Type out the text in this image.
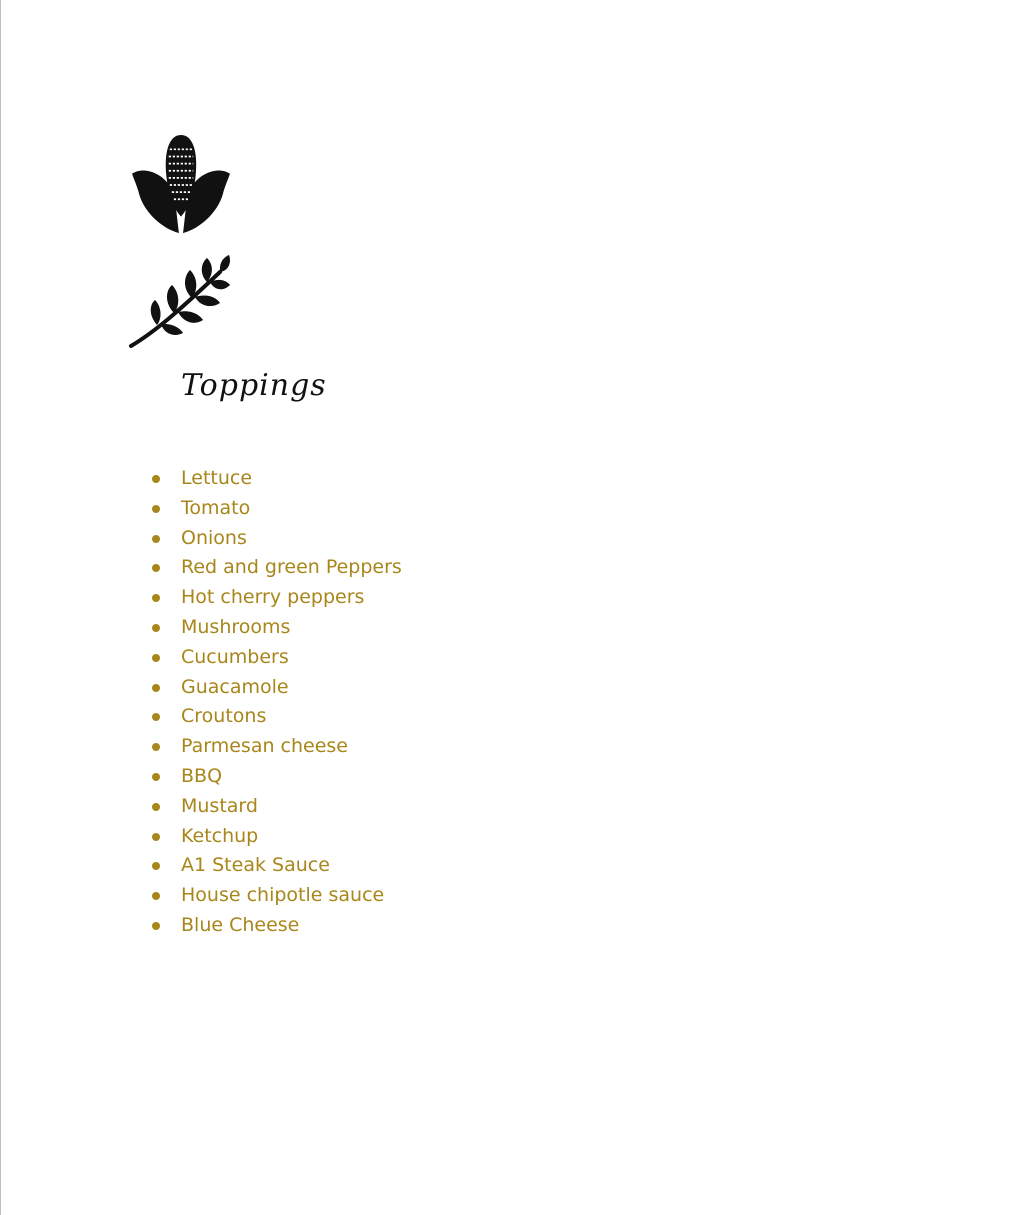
Toppings
Lettuce
Tomato
Onions
Red and green Peppers
Hot cherry peppers
Mushrooms
Cucumbers
Guacamole
Croutons
Parmesan cheese
BBQ
Mustard
Ketchup
A1 Steak Sauce
House chipotle sauce
Blue Cheese
